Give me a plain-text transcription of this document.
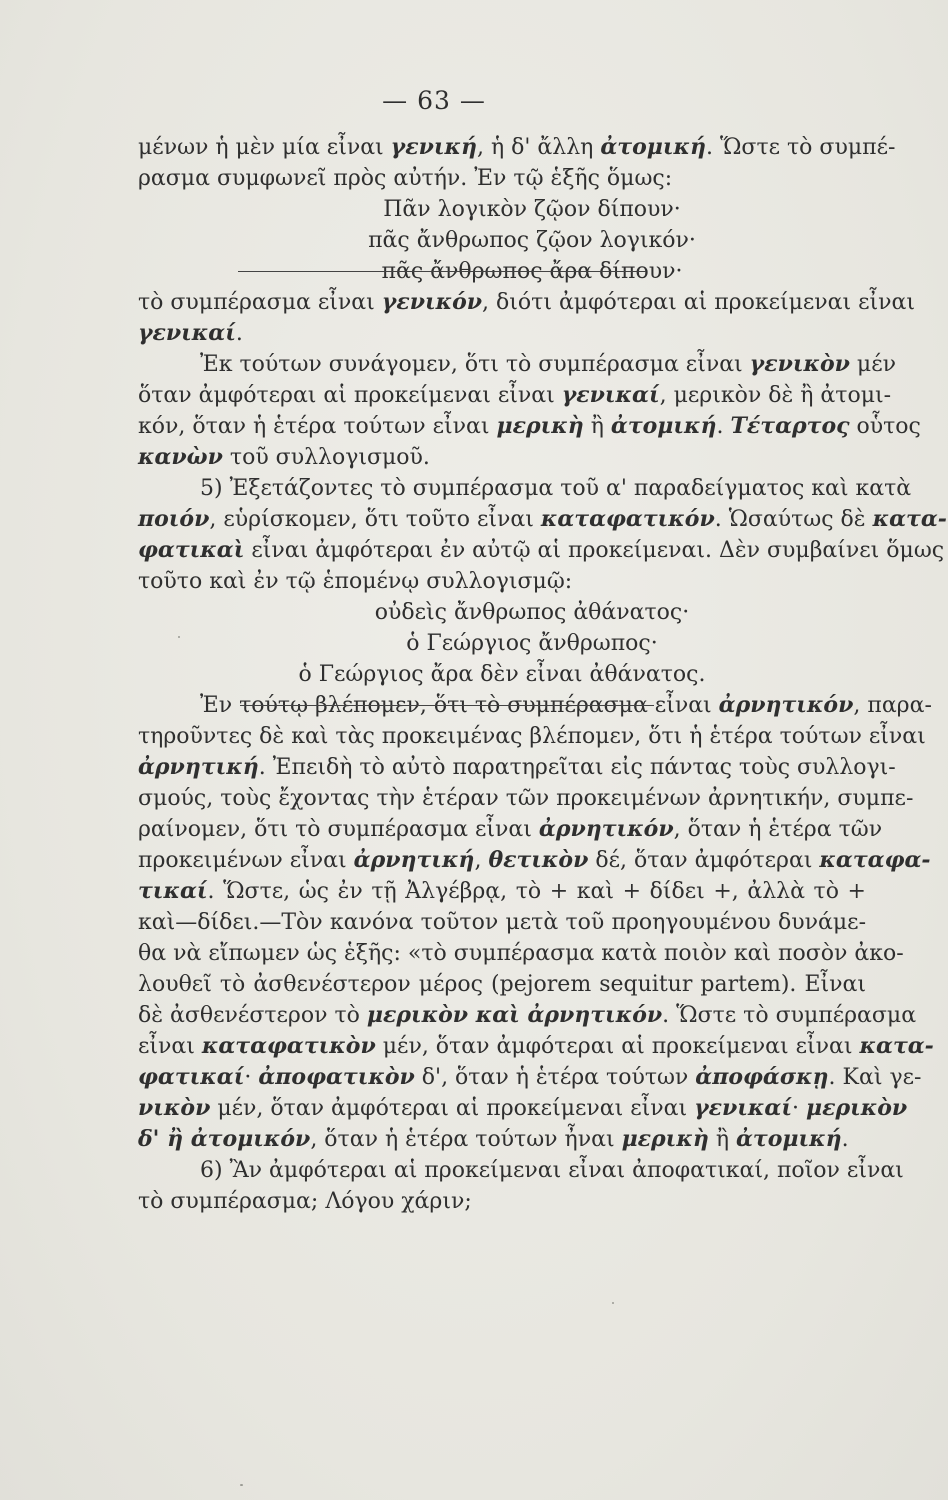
— 63 —
μένων ἡ μὲν μία εἶναι γενική, ἡ δ' ἄλλη ἀτομική. Ὥστε τὸ συμπέ-
ρασμα συμφωνεῖ πρὸς αὐτήν. Ἐν τῷ ἑξῆς ὅμως:
Πᾶν λογικὸν ζῷον δίπουν·
πᾶς ἄνθρωπος ζῷον λογικόν·
πᾶς ἄνθρωπος ἄρα δίπουν·
τὸ συμπέρασμα εἶναι γενικόν, διότι ἀμφότεραι αἱ προκείμεναι εἶναι
γενικαί.
Ἐκ τούτων συνάγομεν, ὅτι τὸ συμπέρασμα εἶναι γενικὸν μέν
ὅταν ἀμφότεραι αἱ προκείμεναι εἶναι γενικαί, μερικὸν δὲ ἢ ἀτομι-
κόν, ὅταν ἡ ἑτέρα τούτων εἶναι μερικὴ ἢ ἀτομική. Τέταρτος οὗτος
κανὼν τοῦ συλλογισμοῦ.
5) Ἐξετάζοντες τὸ συμπέρασμα τοῦ α' παραδείγματος καὶ κατὰ
ποιόν, εὑρίσκομεν, ὅτι τοῦτο εἶναι καταφατικόν. Ὡσαύτως δὲ κατα-
φατικαὶ εἶναι ἀμφότεραι ἐν αὐτῷ αἱ προκείμεναι. Δὲν συμβαίνει ὅμως
τοῦτο καὶ ἐν τῷ ἑπομένῳ συλλογισμῷ:
οὐδεὶς ἄνθρωπος ἀθάνατος·
ὁ Γεώργιος ἄνθρωπος·
ὁ Γεώργιος ἄρα δὲν εἶναι ἀθάνατος.
Ἐν τούτῳ βλέπομεν, ὅτι τὸ συμπέρασμα εἶναι ἀρνητικόν, παρα-
τηροῦντες δὲ καὶ τὰς προκειμένας βλέπομεν, ὅτι ἡ ἑτέρα τούτων εἶναι
ἀρνητική. Ἐπειδὴ τὸ αὐτὸ παρατηρεῖται εἰς πάντας τοὺς συλλογι-
σμούς, τοὺς ἔχοντας τὴν ἑτέραν τῶν προκειμένων ἀρνητικήν, συμπε-
ραίνομεν, ὅτι τὸ συμπέρασμα εἶναι ἀρνητικόν, ὅταν ἡ ἑτέρα τῶν
προκειμένων εἶναι ἀρνητική, θετικὸν δέ, ὅταν ἀμφότεραι καταφα-
τικαί. Ὥστε, ὡς ἐν τῇ Ἀλγέβρᾳ, τὸ + καὶ + δίδει +, ἀλλὰ τὸ +
καὶ—δίδει.—Τὸν κανόνα τοῦτον μετὰ τοῦ προηγουμένου δυνάμε-
θα νὰ εἴπωμεν ὡς ἑξῆς: «τὸ συμπέρασμα κατὰ ποιὸν καὶ ποσὸν ἀκο-
λουθεῖ τὸ ἀσθενέστερον μέρος (pejorem sequitur partem). Εἶναι
δὲ ἀσθενέστερον τὸ μερικὸν καὶ ἀρνητικόν. Ὥστε τὸ συμπέρασμα
εἶναι καταφατικὸν μέν, ὅταν ἀμφότεραι αἱ προκείμεναι εἶναι κατα-
φατικαί· ἀποφατικὸν δ', ὅταν ἡ ἑτέρα τούτων ἀποφάσκῃ. Καὶ γε-
νικὸν μέν, ὅταν ἀμφότεραι αἱ προκείμεναι εἶναι γενικαί· μερικὸν
δ' ἢ ἀτομικόν, ὅταν ἡ ἑτέρα τούτων ἦναι μερικὴ ἢ ἀτομική.
6) Ἂν ἀμφότεραι αἱ προκείμεναι εἶναι ἀποφατικαί, ποῖον εἶναι
τὸ συμπέρασμα; Λόγου χάριν;
